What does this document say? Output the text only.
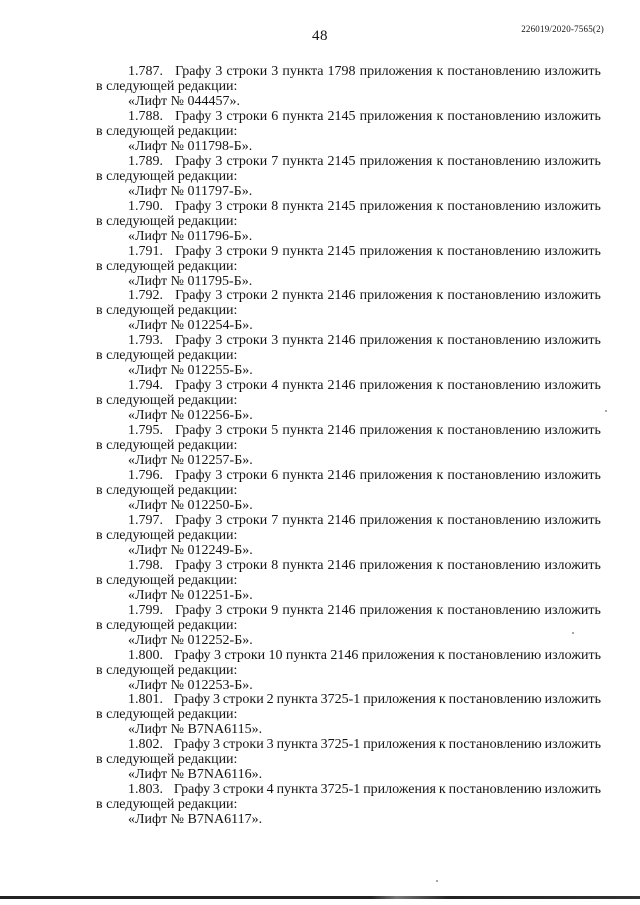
48	226019/2020-7565(2)
1.787. Графу 3 строки 3 пункта 1798 приложения к постановлению изложить
в следующей редакции:
«Лифт № 044457».
1.788. Графу 3 строки 6 пункта 2145 приложения к постановлению изложить
в следующей редакции:
«Лифт № 011798-Б».
1.789. Графу 3 строки 7 пункта 2145 приложения к постановлению изложить
в следующей редакции:
«Лифт № 011797-Б».
1.790. Графу 3 строки 8 пункта 2145 приложения к постановлению изложить
в следующей редакции:
«Лифт № 011796-Б».
1.791. Графу 3 строки 9 пункта 2145 приложения к постановлению изложить
в следующей редакции:
«Лифт № 011795-Б».
1.792. Графу 3 строки 2 пункта 2146 приложения к постановлению изложить
в следующей редакции:
«Лифт № 012254-Б».
1.793. Графу 3 строки 3 пункта 2146 приложения к постановлению изложить
в следующей редакции:
«Лифт № 012255-Б».
1.794. Графу 3 строки 4 пункта 2146 приложения к постановлению изложить
в следующей редакции:
«Лифт № 012256-Б».
1.795. Графу 3 строки 5 пункта 2146 приложения к постановлению изложить
в следующей редакции:
«Лифт № 012257-Б».
1.796. Графу 3 строки 6 пункта 2146 приложения к постановлению изложить
в следующей редакции:
«Лифт № 012250-Б».
1.797. Графу 3 строки 7 пункта 2146 приложения к постановлению изложить
в следующей редакции:
«Лифт № 012249-Б».
1.798. Графу 3 строки 8 пункта 2146 приложения к постановлению изложить
в следующей редакции:
«Лифт № 012251-Б».
1.799. Графу 3 строки 9 пункта 2146 приложения к постановлению изложить
в следующей редакции:
«Лифт № 012252-Б».
1.800. Графу 3 строки 10 пункта 2146 приложения к постановлению изложить
в следующей редакции:
«Лифт № 012253-Б».
1.801. Графу 3 строки 2 пункта 3725-1 приложения к постановлению изложить
в следующей редакции:
«Лифт № B7NA6115».
1.802. Графу 3 строки 3 пункта 3725-1 приложения к постановлению изложить
в следующей редакции:
«Лифт № B7NA6116».
1.803. Графу 3 строки 4 пункта 3725-1 приложения к постановлению изложить
в следующей редакции:
«Лифт № B7NA6117».
